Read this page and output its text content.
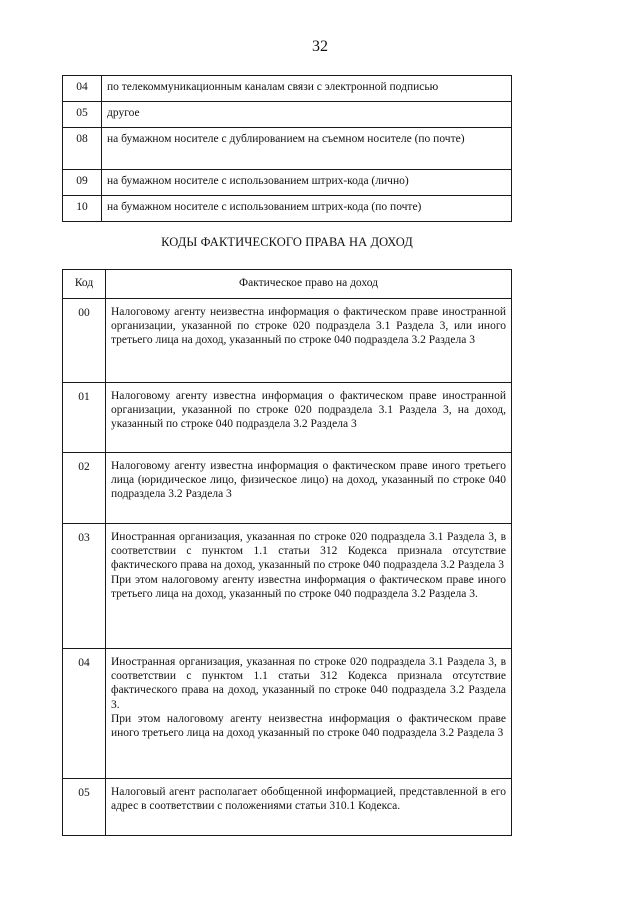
32
04	по телекоммуникационным каналам связи с электронной подписью
05	другое
08	на бумажном носителе с дублированием на съемном носителе (по почте)
09	на бумажном носителе с использованием штрих-кода (лично)
10	на бумажном носителе с использованием штрих-кода (по почте)
КОДЫ ФАКТИЧЕСКОГО ПРАВА НА ДОХОД
Код	Фактическое право на доход
00	Налоговому агенту неизвестна информация о фактическом праве иностранной организации, указанной по строке 020 подраздела 3.1 Раздела 3, или иного третьего лица на доход, указанный по строке 040 подраздела 3.2 Раздела 3

01	Налоговому агенту известна информация о фактическом праве иностранной организации, указанной по строке 020 подраздела 3.1 Раздела 3, на доход, указанный по строке 040 подраздела 3.2 Раздела 3

02	Налоговому агенту известна информация о фактическом праве иного третьего лица (юридическое лицо, физическое лицо) на доход, указанный по строке 040 подраздела 3.2 Раздела 3

03	Иностранная организация, указанная по строке 020 подраздела 3.1 Раздела 3, в соответствии с пунктом 1.1 статьи 312 Кодекса признала отсутствие фактического права на доход, указанный по строке 040 подраздела 3.2 Раздела 3

При этом налоговому агенту известна информация о фактическом праве иного третьего лица на доход, указанный по строке 040 подраздела 3.2 Раздела 3.

04	Иностранная организация, указанная по строке 020 подраздела 3.1 Раздела 3, в соответствии с пунктом 1.1 статьи 312 Кодекса признала отсутствие фактического права на доход, указанный по строке 040 подраздела 3.2 Раздела 3.

При этом налоговому агенту неизвестна информация о фактическом праве иного третьего лица на доход указанный по строке 040 подраздела 3.2 Раздела 3

05	Налоговый агент располагает обобщенной информацией, представленной в его адрес в соответствии с положениями статьи 310.1 Кодекса.
